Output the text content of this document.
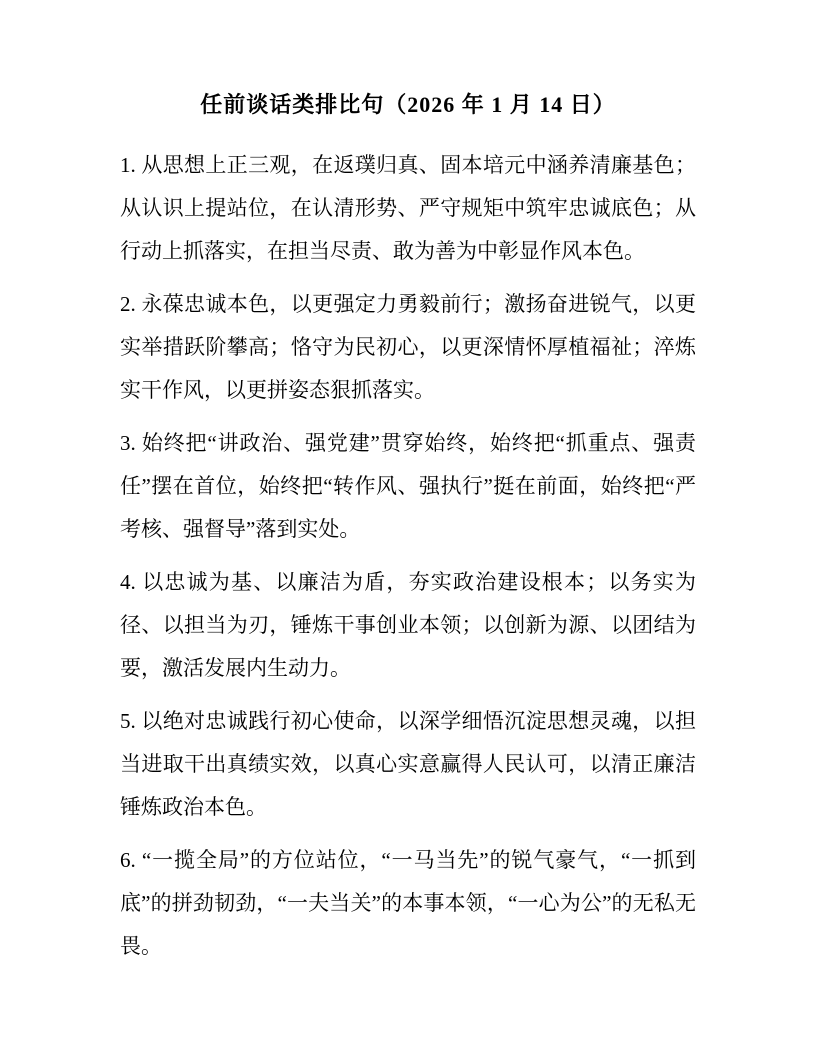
任前谈话类排比句（2026 年 1 月 14 日）

1. 从思想上正三观，在返璞归真、固本培元中涵养清廉基色；从认识上提站位，在认清形势、严守规矩中筑牢忠诚底色；从行动上抓落实，在担当尽责、敢为善为中彰显作风本色。

2. 永葆忠诚本色，以更强定力勇毅前行；激扬奋进锐气，以更实举措跃阶攀高；恪守为民初心，以更深情怀厚植福祉；淬炼实干作风，以更拼姿态狠抓落实。

3. 始终把“讲政治、强党建”贯穿始终，始终把“抓重点、强责任”摆在首位，始终把“转作风、强执行”挺在前面，始终把“严考核、强督导”落到实处。

4. 以忠诚为基、以廉洁为盾，夯实政治建设根本；以务实为径、以担当为刃，锤炼干事创业本领；以创新为源、以团结为要，激活发展内生动力。

5. 以绝对忠诚践行初心使命，以深学细悟沉淀思想灵魂，以担当进取干出真绩实效，以真心实意赢得人民认可，以清正廉洁锤炼政治本色。

6. “一揽全局”的方位站位，“一马当先”的锐气豪气，“一抓到底”的拼劲韧劲，“一夫当关”的本事本领，“一心为公”的无私无畏。
